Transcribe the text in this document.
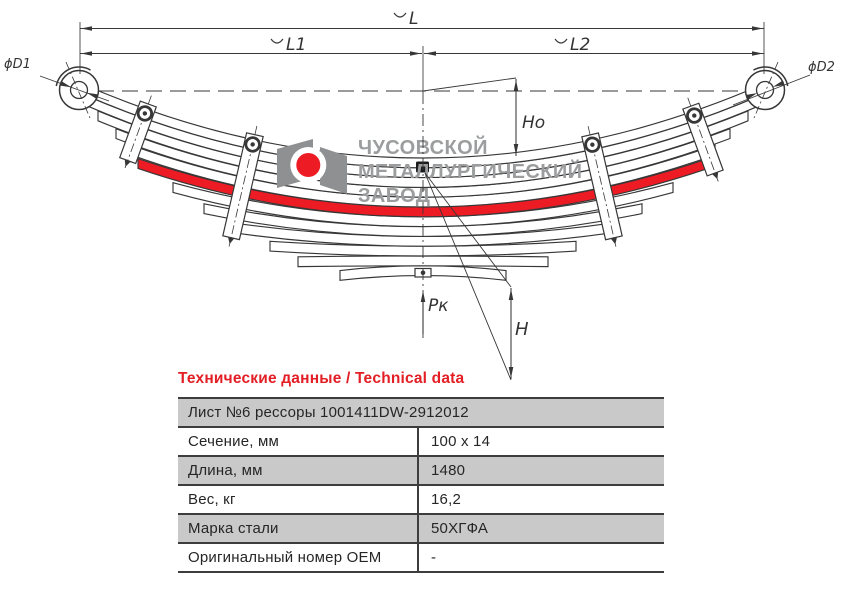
ЧУСОВСКОЙ
МЕТАЛЛУРГИЧЕСКИЙ
ЗАВОД
L
L1	L2
ϕD1	ϕD2
Ho
H
Pк
Технические данные / Technical data
Лист №6 рессоры 1001411DW-2912012
Сечение, мм	100 x 14
Длина, мм	1480
Вес, кг	16,2
Марка стали	50ХГФА
Оригинальный номер OEM	-
